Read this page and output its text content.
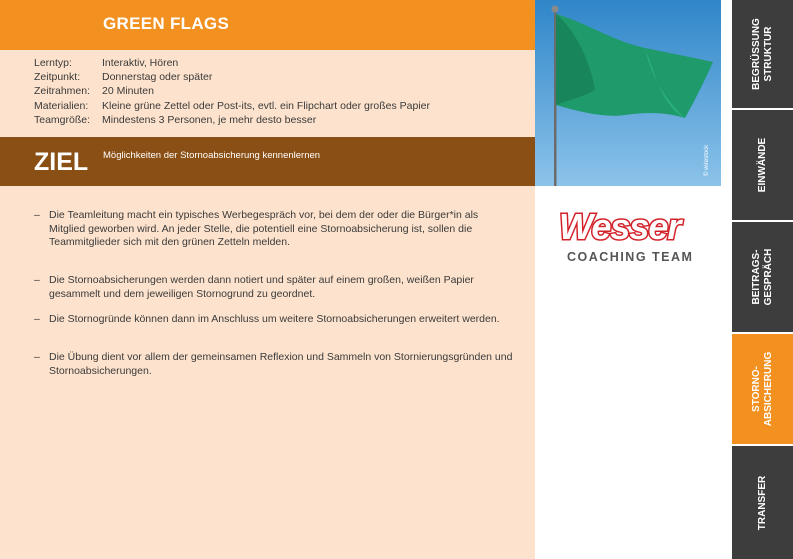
GREEN FLAGS
Lerntyp:	Interaktiv, Hören
Zeitpunkt: Donnerstag oder später
Zeitrahmen: 20 Minuten
Materialien: Kleine grüne Zettel oder Post-its, evtl. ein Flipchart oder großes Papier
Teamgröße: Mindestens 3 Personen, je mehr desto besser
ZIEL Möglichkeiten der Stornoabsicherung kennenlernen
– Die Teamleitung macht ein typisches Werbegespräch vor, bei dem der oder die Bürger*in als Mitglied geworben wird. An jeder Stelle, die potentiell eine Stornoabsicherung ist, sollen die Teammitglieder sich mit den grünen Zetteln melden.
– Die Stornoabsicherungen werden dann notiert und später auf einem großen, weißen Papier gesammelt und dem jeweiligen Stornogrund zu geordnet.
– Die Stornogründe können dann im Anschluss um weitere Stornoabsicherungen erweitert werden.
– Die Übung dient vor allem der gemeinsamen Reflexion und Sammeln von Stornierungsgründen und Stornoabsicherungen.
© wirestock
Wesser
COACHING TEAM
BEGRÜSSUNG STRUKTUR
EINWÄNDE
BEITRAGS- GESPRÄCH
STORNO- ABSICHERUNG
TRANSFER
